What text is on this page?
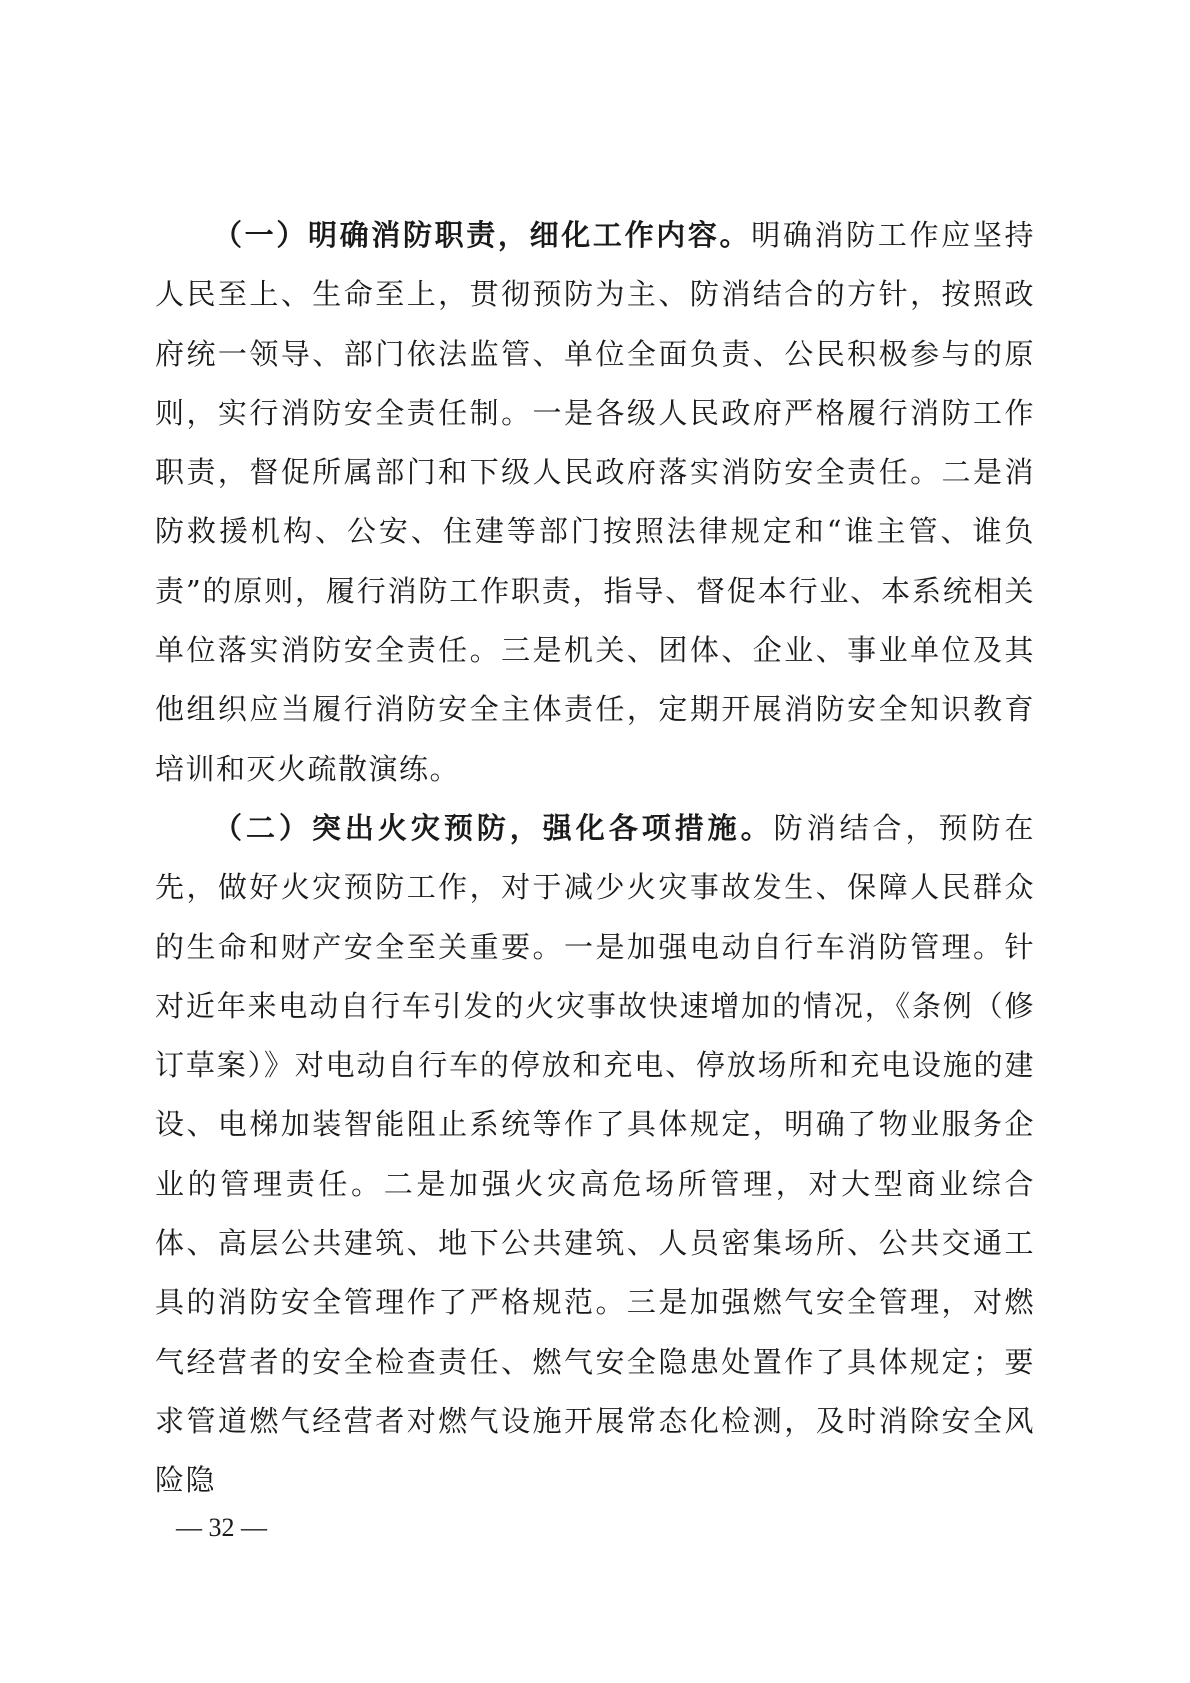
（一）明确消防职责，细化工作内容。明确消防工作应坚持人民至上、生命至上，贯彻预防为主、防消结合的方针，按照政府统一领导、部门依法监管、单位全面负责、公民积极参与的原则，实行消防安全责任制。一是各级人民政府严格履行消防工作职责，督促所属部门和下级人民政府落实消防安全责任。二是消防救援机构、公安、住建等部门按照法律规定和“谁主管、谁负责”的原则，履行消防工作职责，指导、督促本行业、本系统相关单位落实消防安全责任。三是机关、团体、企业、事业单位及其他组织应当履行消防安全主体责任，定期开展消防安全知识教育培训和灭火疏散演练。

（二）突出火灾预防，强化各项措施。防消结合，预防在先，做好火灾预防工作，对于减少火灾事故发生、保障人民群众的生命和财产安全至关重要。一是加强电动自行车消防管理。针对近年来电动自行车引发的火灾事故快速增加的情况，《条例（修订草案）》对电动自行车的停放和充电、停放场所和充电设施的建设、电梯加装智能阻止系统等作了具体规定，明确了物业服务企业的管理责任。二是加强火灾高危场所管理，对大型商业综合体、高层公共建筑、地下公共建筑、人员密集场所、公共交通工具的消防安全管理作了严格规范。三是加强燃气安全管理，对燃气经营者的安全检查责任、燃气安全隐患处置作了具体规定；要求管道燃气经营者对燃气设施开展常态化检测，及时消除安全风险隐

— 32 —
